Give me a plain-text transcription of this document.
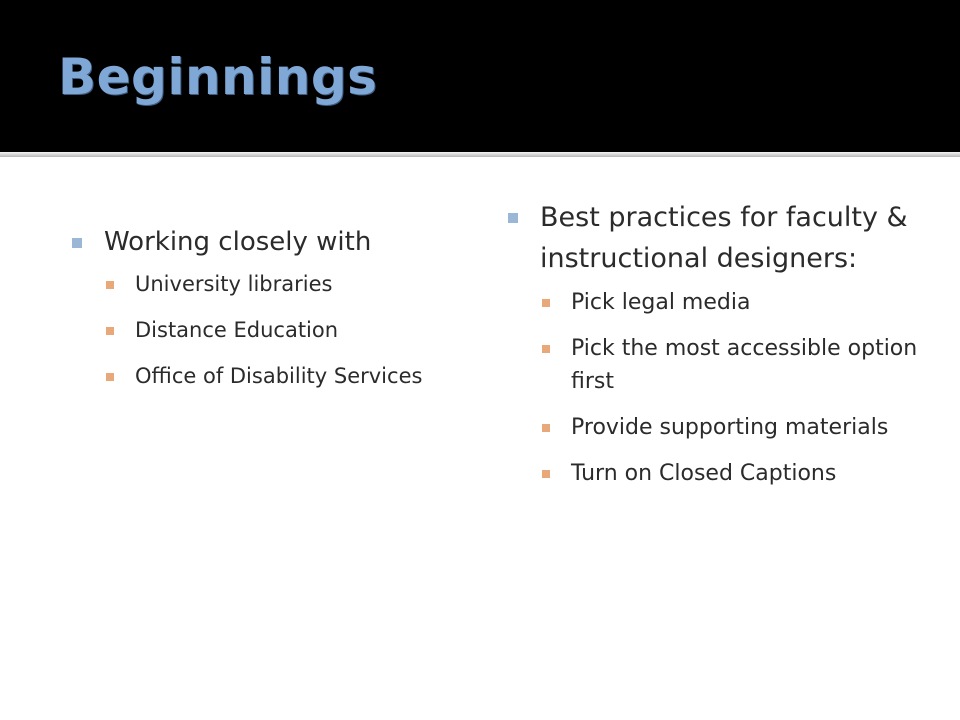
Beginnings
Working closely with
University libraries
Distance Education
Office of Disability Services
Best practices for faculty & instructional designers:
Pick legal media
Pick the most accessible option first
Provide supporting materials
Turn on Closed Captions
